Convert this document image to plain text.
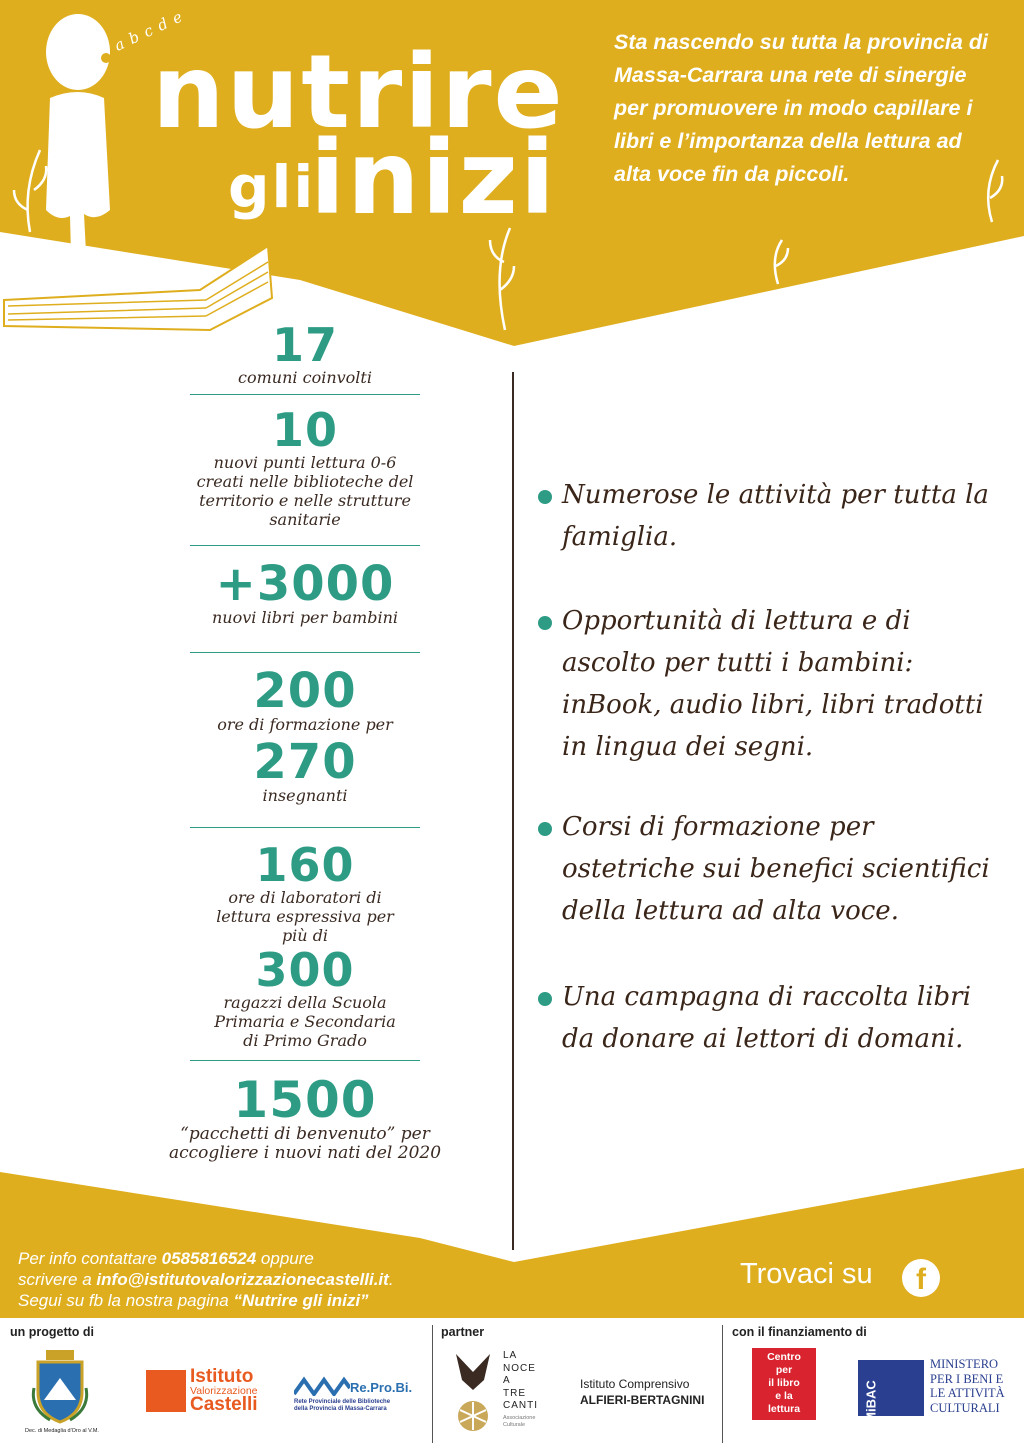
a b c d e
nutrire
gli
inizi
Sta nascendo su tutta la provincia di Massa-Carrara una rete di sinergie per promuovere in modo capillare i libri e l’importanza della lettura ad alta voce fin da piccoli.
17
comuni coinvolti
10
nuovi punti lettura 0-6 creati nelle biblioteche del territorio e nelle strutture sanitarie
+3000
nuovi libri per bambini
200
ore di formazione per
270
insegnanti
160
ore di laboratori di lettura espressiva per più di
300
ragazzi della Scuola Primaria e Secondaria di Primo Grado
1500
“pacchetti di benvenuto” per accogliere i nuovi nati del 2020
Numerose le attività per tutta la famiglia.
Opportunità di lettura e di ascolto per tutti i bambini: inBook, audio libri, libri tradotti in lingua dei segni.
Corsi di formazione per ostetriche sui benefici scientifici della lettura ad alta voce.
Una campagna di raccolta libri da donare ai lettori di domani.
Per info contattare 0585816524 oppure
scrivere a info@istitutovalorizzazionecastelli.it.
Segui su fb la nostra pagina “Nutrire gli inizi”
Trovaci su	f
un progetto di	partner	con il finanziamento di
Dec. di Medaglia d'Oro al V.M.
Istituto
Valorizzazione
Castelli
Re.Pro.Bi.
Rete Provinciale delle Biblioteche
della Provincia di Massa-Carrara
LA
NOCE
A
TRE
CANTI
Associazione
Culturale
Istituto Comprensivo
ALFIERI-BERTAGNINI
Centro
per
il libro
e la
lettura	MiBAC
MINISTERO
PER I BENI E
LE ATTIVITÀ
CULTURALI
